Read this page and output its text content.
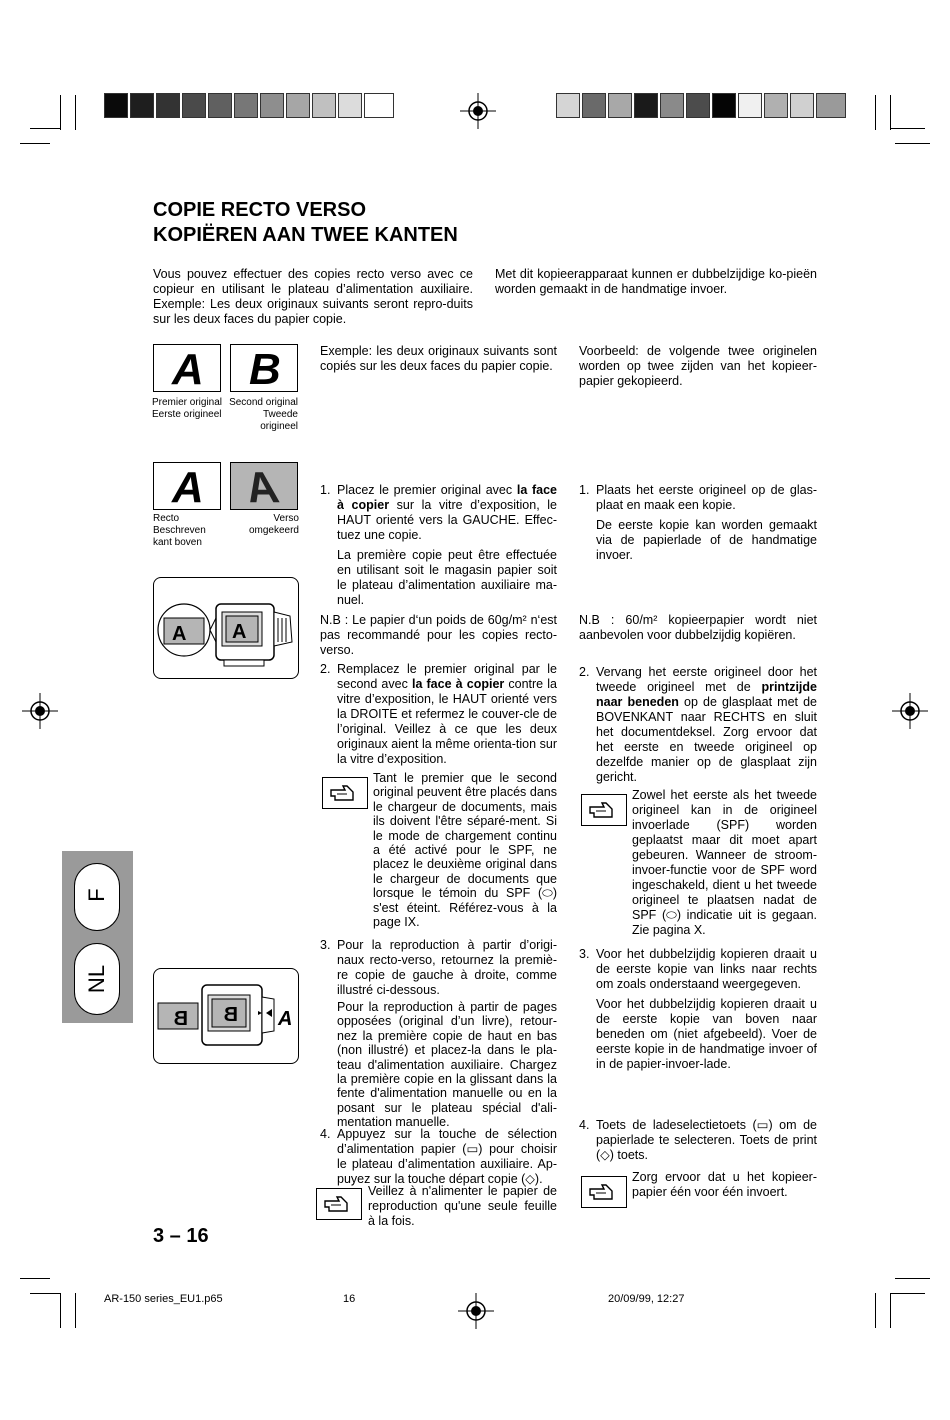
COPIE RECTO VERSO
KOPIËREN AAN TWEE KANTEN
Vous pouvez effectuer des copies recto verso avec ce copieur en utilisant le plateau d’alimentation auxiliaire. Exemple: Les deux originaux suivants seront repro-duits sur les deux faces du papier copie.
Met dit kopieerapparaat kunnen er dubbelzijdige ko-pieën worden gemaakt in de handmatige invoer.
A B
Premier original
Eerste origineel
Second original
Tweede origineel
Exemple: les deux originaux suivants sont copiés sur les deux faces du papier copie.
Voorbeeld: de volgende twee originelen worden op twee zijden van het kopieer-papier gekopieerd.
A A
Recto	Verso
Beschreven	omgekeerd
kant boven
A A
B B A
F
NL
1. Placez le premier original avec la face à copier sur la vitre d’exposition, le HAUT orienté vers la GAUCHE. Effec-tuez une copie.
La première copie peut être effectuée en utilisant soit le magasin papier soit le plateau d’alimentation auxiliaire ma-nuel.
N.B : Le papier d‘un poids de 60g/m² n‘est pas recommandé pour les copies recto-verso.
2. Remplacez le premier original par le second avec la face à copier contre la vitre d’exposition, le HAUT orienté vers la DROITE et refermez le couver-cle de l’original. Veillez à ce que les deux originaux aient la même orienta-tion sur la vitre d’exposition.
Tant le premier que le second original peuvent être placés dans le chargeur de documents, mais ils doivent l'être séparé-ment. Si le mode de chargement continu a été activé pour le SPF, ne placez le deuxième original dans le chargeur de documents que lorsque le témoin du SPF (⬭) s'est éteint. Référez-vous à la page IX.
3. Pour la reproduction à partir d’origi-naux recto-verso, retournez la premiè-re copie de gauche à droite, comme illustré ci-dessous.
Pour la reproduction à partir de pages opposées (original d’un livre), retour-nez la première copie de haut en bas (non illustré) et placez-la dans le pla-teau d'alimentation auxiliaire. Chargez la première copie en la glissant dans la fente d'alimentation manuelle ou en la posant sur le plateau spécial d'ali-mentation manuelle.
4. Appuyez sur la touche de sélection d’alimentation papier (▭) pour choisir le plateau d’alimentation auxiliaire. Ap-puyez sur la touche départ copie (◇).
Veillez à n'alimenter le papier de reproduction qu'une seule feuille à la fois.
1. Plaats het eerste origineel op de glas-plaat en maak een kopie.
De eerste kopie kan worden gemaakt via de papierlade of de handmatige invoer.
N.B : 60/m² kopieerpapier wordt niet aanbevolen voor dubbelzijdig kopiëren.
2. Vervang het eerste origineel door het tweede origineel met de printzijde naar beneden op de glasplaat met de BOVENKANT naar RECHTS en sluit het documentdeksel. Zorg ervoor dat het eerste en tweede origineel op dezelfde manier op de glasplaat zijn gericht.
Zowel het eerste als het tweede origineel kan in de origineel invoerlade (SPF) worden geplaatst maar dit moet apart gebeuren. Wanneer de stroom-invoer-functie voor de SPF word ingeschakeld, dient u het tweede origineel te plaatsen nadat de SPF (⬭) indicatie uit is gegaan. Zie pagina X.
3. Voor het dubbelzijdig kopieren draait u de eerste kopie van links naar rechts om zoals onderstaand weergegeven.
Voor het dubbelzijdig kopieren draait u de eerste kopie van boven naar beneden om (niet afgebeeld). Voer de eerste kopie in de handmatige invoer of in de papier-invoer-lade.
4. Toets de ladeselectietoets (▭) om de papierlade te selecteren. Toets de print (◇) toets.
Zorg ervoor dat u het kopieer-papier één voor één invoert.
3 – 16
AR-150 series_EU1.p65	16	20/09/99, 12:27
